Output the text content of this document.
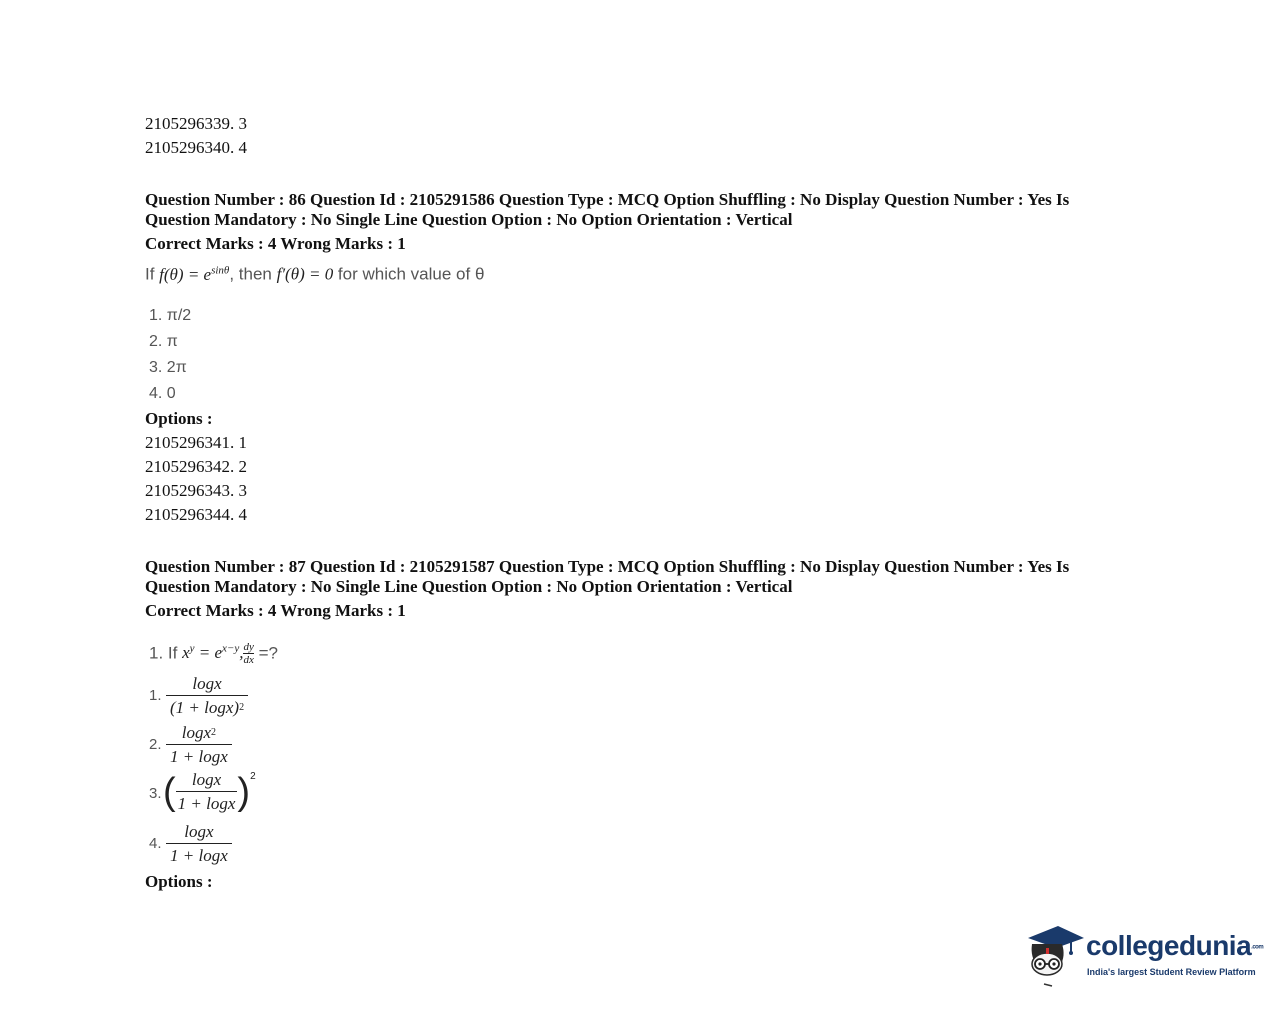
2105296339. 3
2105296340. 4
Question Number : 86 Question Id : 2105291586 Question Type : MCQ Option Shuffling : No Display Question Number : Yes Is
Question Mandatory : No Single Line Question Option : No Option Orientation : Vertical
Correct Marks : 4 Wrong Marks : 1
If $f(\theta) = e^{sin\theta}$, then f′(θ) = 0 for which value of θ
1. π/2
2. π
3. 2π
4. 0
Options :
2105296341. 1
2105296342. 2
2105296343. 3
2105296344. 4
Question Number : 87 Question Id : 2105291587 Question Type : MCQ Option Shuffling : No Display Question Number : Yes Is
Question Mandatory : No Single Line Question Option : No Option Orientation : Vertical
Correct Marks : 4 Wrong Marks : 1
1. If $x^y = e^{x-y}$, $\frac{dy}{dx}$ =?
1.
logx
$(1 + \log x)^2$
2.
logx$^2$
1 + logx
3. ( logx
1 + logx )$^2$
4.
logx
1 + logx
Options :
collegedunia.com
India's largest Student Review Platform
